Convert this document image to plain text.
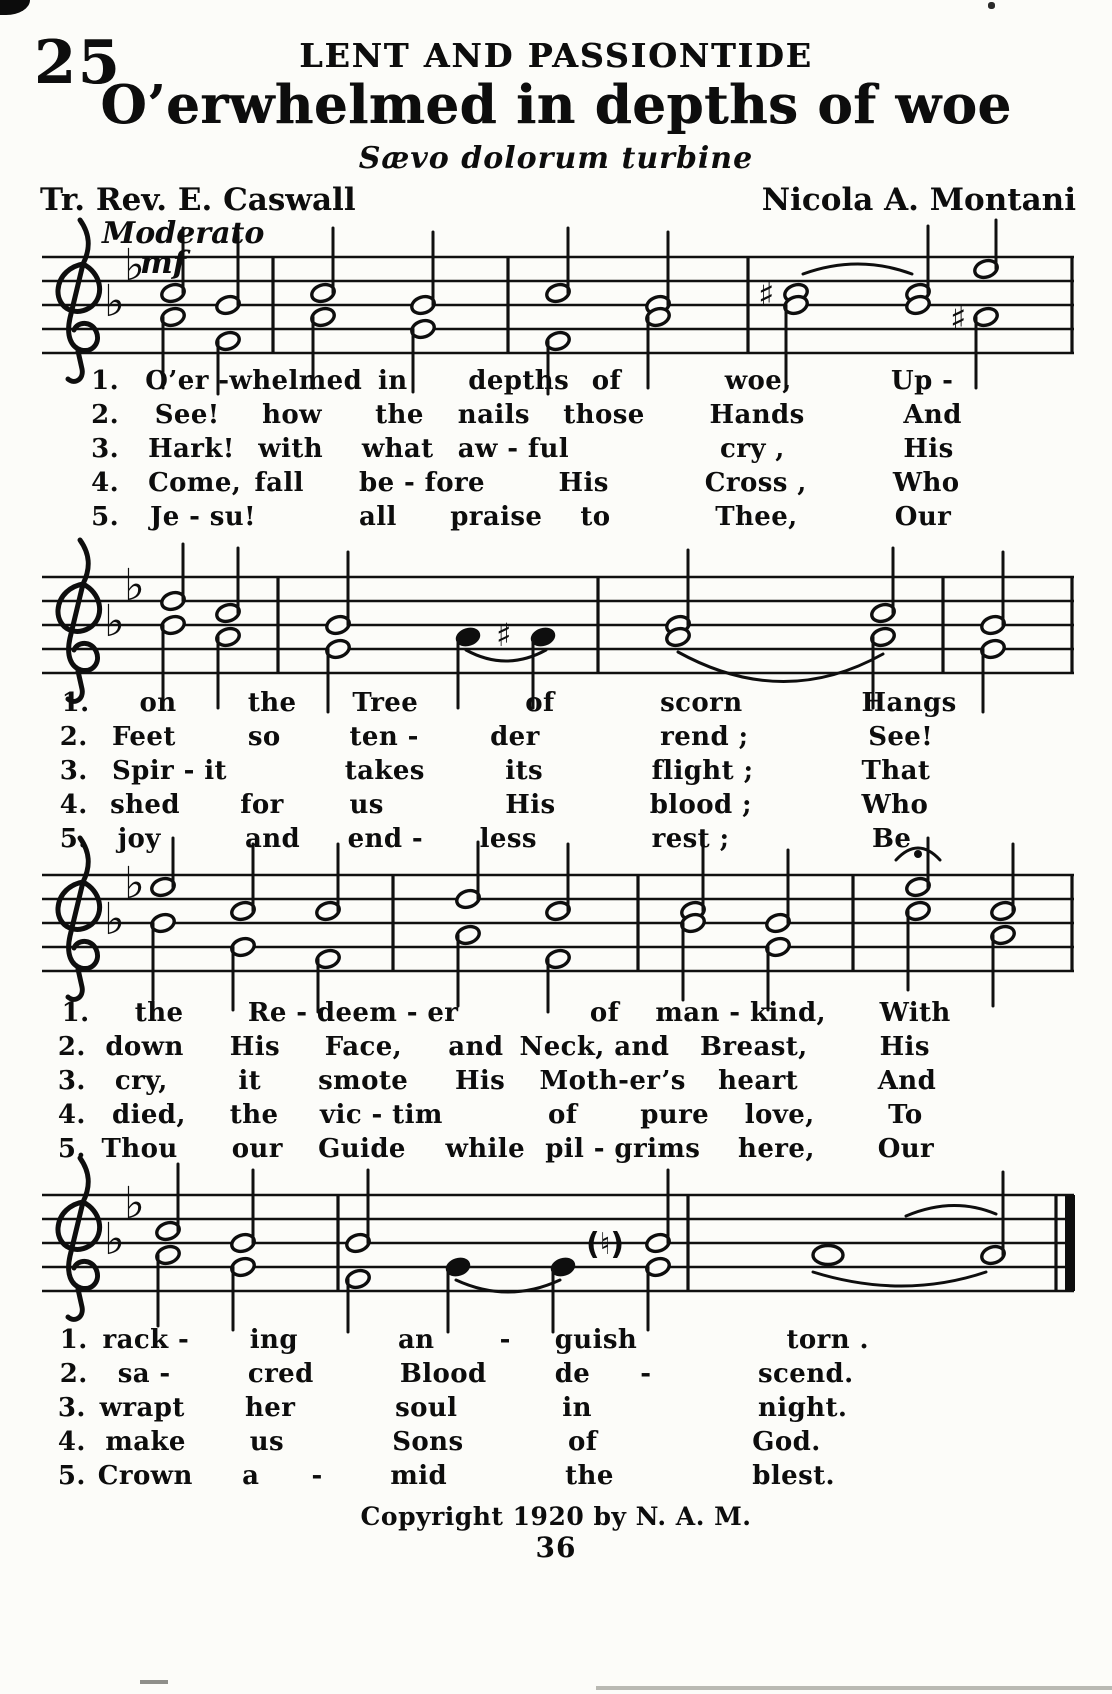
25	LENT AND PASSIONTIDE
O’erwhelmed in depths of woe
Sævo dolorum turbine
Tr. Rev. E. Caswall	Nicola A. Montani
Moderato
mf
♭
♭
♯
♯
1. O’er -whelmed in depths of	woe,	Up -
2. See! how the nails those Hands	And
3. Hark! with what aw - ful	cry ,	His
4. Come, fall be - fore	His	Cross ,	Who
5. Je - su!	all praise to	Thee,	Our
♭
♭
♯
1. on	the Tree	of	scorn	Hangs
2. Feet	so	ten -	der	rend ;	See!
3. Spir - it	takes	its	flight ;	That
4. shed for	us	His	blood ;	Who
5. joy	and end - less	rest ;	Be
♭
♭
1. the Re - deem - er	of man - kind, With
2. down His Face, and Neck, and Breast,	His
3. cry,	it smote His Moth-er’s heart	And
4. died, the vic - tim	of pure love,	To
5. Thou our Guide while pil - grims here, Our
♭
♭
(♮)
1. rack - ing	an	- guish	torn .
2. sa -	cred	Blood	de -	scend.
3. wrapt her	soul	in	night.
4. make us	Sons	of	God.
5. Crown a -	mid	the	blest.
Copyright 1920 by N. A. M.
36
